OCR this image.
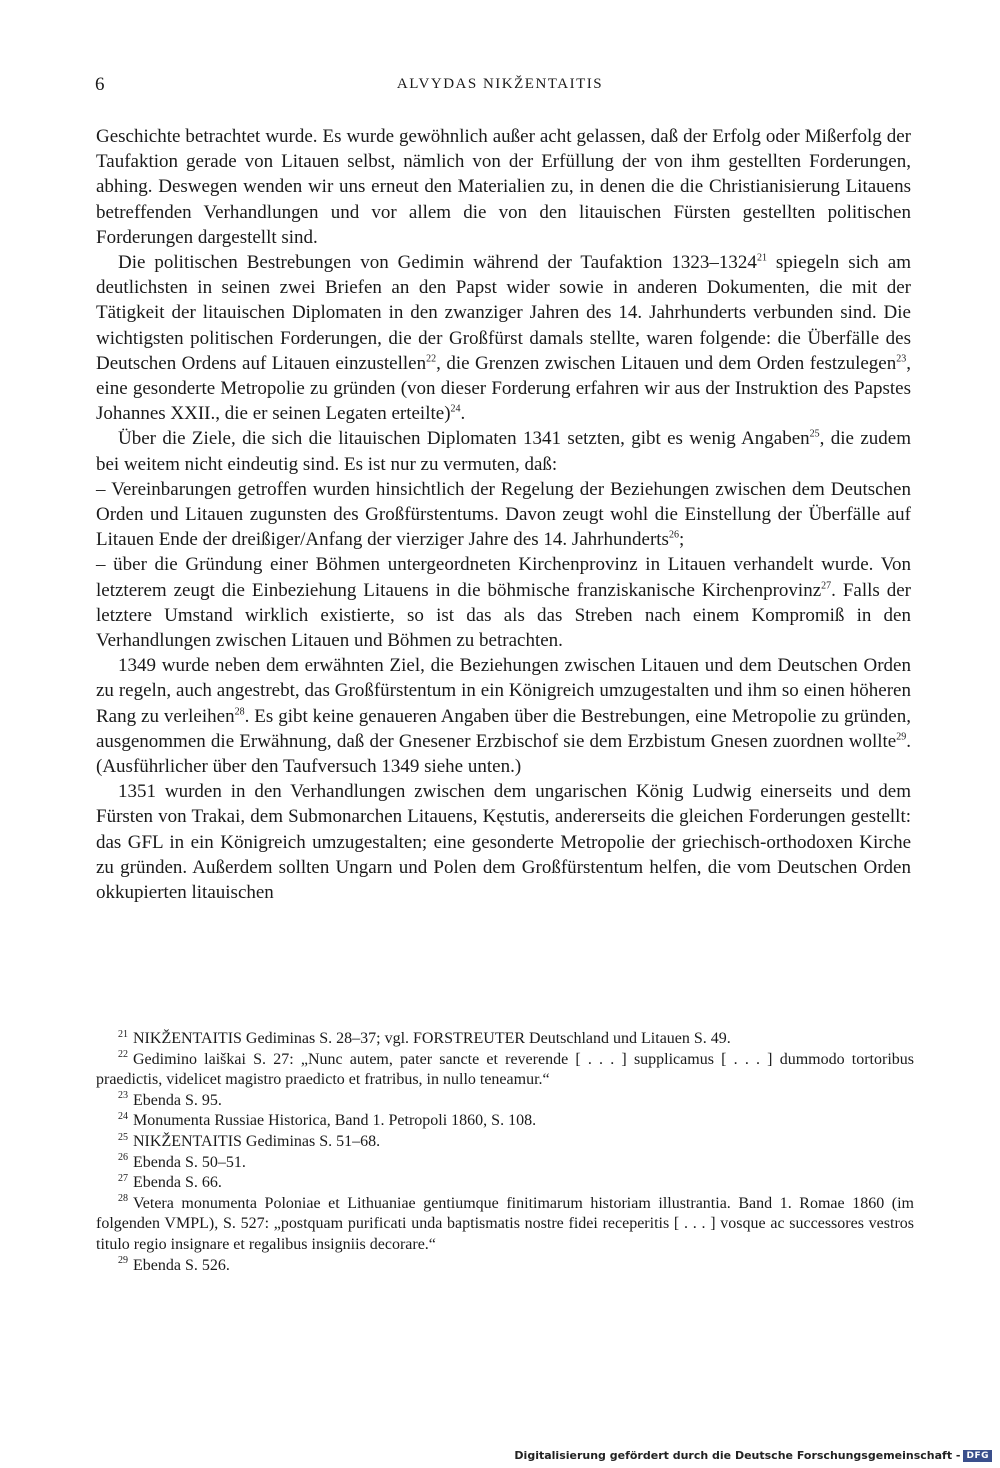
6	ALVYDAS NIKŽENTAITIS

Geschichte betrachtet wurde. Es wurde gewöhnlich außer acht gelassen, daß der Erfolg oder Mißerfolg der Taufaktion gerade von Litauen selbst, nämlich von der Erfüllung der von ihm gestellten Forderungen, abhing. Deswegen wenden wir uns erneut den Materialien zu, in denen die die Christianisierung Litauens betreffenden Verhandlungen und vor allem die von den litauischen Fürsten gestellten politischen Forderungen dargestellt sind.

Die politischen Bestrebungen von Gedimin während der Taufaktion 1323–1324$^{21}$ spiegeln sich am deutlichsten in seinen zwei Briefen an den Papst wider sowie in anderen Dokumenten, die mit der Tätigkeit der litauischen Diplomaten in den zwanziger Jahren des 14. Jahrhunderts verbunden sind. Die wichtigsten politischen Forderungen, die der Großfürst damals stellte, waren folgende: die Überfälle des Deutschen Ordens auf Litauen einzustellen$^{22}$, die Grenzen zwischen Litauen und dem Orden festzulegen$^{23}$, eine gesonderte Metropolie zu gründen (von dieser Forderung erfahren wir aus der Instruktion des Papstes Johannes XXII., die er seinen Legaten erteilte)$^{24}$.

Über die Ziele, die sich die litauischen Diplomaten 1341 setzten, gibt es wenig Angaben$^{25}$, die zudem bei weitem nicht eindeutig sind. Es ist nur zu vermuten, daß:

– Vereinbarungen getroffen wurden hinsichtlich der Regelung der Beziehungen zwischen dem Deutschen Orden und Litauen zugunsten des Großfürstentums. Davon zeugt wohl die Einstellung der Überfälle auf Litauen Ende der dreißiger/Anfang der vierziger Jahre des 14. Jahrhunderts$^{26}$;

– über die Gründung einer Böhmen untergeordneten Kirchenprovinz in Litauen verhandelt wurde. Von letzterem zeugt die Einbeziehung Litauens in die böhmische franziskanische Kirchenprovinz$^{27}$. Falls der letztere Umstand wirklich existierte, so ist das als das Streben nach einem Kompromiß in den Verhandlungen zwischen Litauen und Böhmen zu betrachten.

1349 wurde neben dem erwähnten Ziel, die Beziehungen zwischen Litauen und dem Deutschen Orden zu regeln, auch angestrebt, das Großfürstentum in ein Königreich umzugestalten und ihm so einen höheren Rang zu verleihen$^{28}$. Es gibt keine genaueren Angaben über die Bestrebungen, eine Metropolie zu gründen, ausgenommen die Erwähnung, daß der Gnesener Erzbischof sie dem Erzbistum Gnesen zuordnen wollte$^{29}$. (Ausführlicher über den Taufversuch 1349 siehe unten.)

1351 wurden in den Verhandlungen zwischen dem ungarischen König Ludwig einerseits und dem Fürsten von Trakai, dem Submonarchen Litauens, Kęstutis, andererseits die gleichen Forderungen gestellt: das GFL in ein Königreich umzugestalten; eine gesonderte Metropolie der griechisch-orthodoxen Kirche zu gründen. Außerdem sollten Ungarn und Polen dem Großfürstentum helfen, die vom Deutschen Orden okkupierten litauischen

$^{21}$ NIKŽENTAITIS Gediminas S. 28–37; vgl. FORSTREUTER Deutschland und Litauen S. 49.

$^{22}$ Gedimino laiškai S. 27: „Nunc autem, pater sancte et reverende [ . . . ] supplicamus [ . . . ] dummodo tortoribus praedictis, videlicet magistro praedicto et fratribus, in nullo teneamur.“

$^{23}$ Ebenda S. 95.

$^{24}$ Monumenta Russiae Historica, Band 1. Petropoli 1860, S. 108.

$^{25}$ NIKŽENTAITIS Gediminas S. 51–68.

$^{26}$ Ebenda S. 50–51.

$^{27}$ Ebenda S. 66.

$^{28}$ Vetera monumenta Poloniae et Lithuaniae gentiumque finitimarum historiam illustrantia. Band 1. Romae 1860 (im folgenden VMPL), S. 527: „postquam purificati unda baptismatis nostre fidei receperitis [ . . . ] vosque ac successores vestros titulo regio insignare et regalibus insigniis decorare.“

$^{29}$ Ebenda S. 526.

Digitalisierung gefördert durch die Deutsche Forschungsgemeinschaft - DFG
